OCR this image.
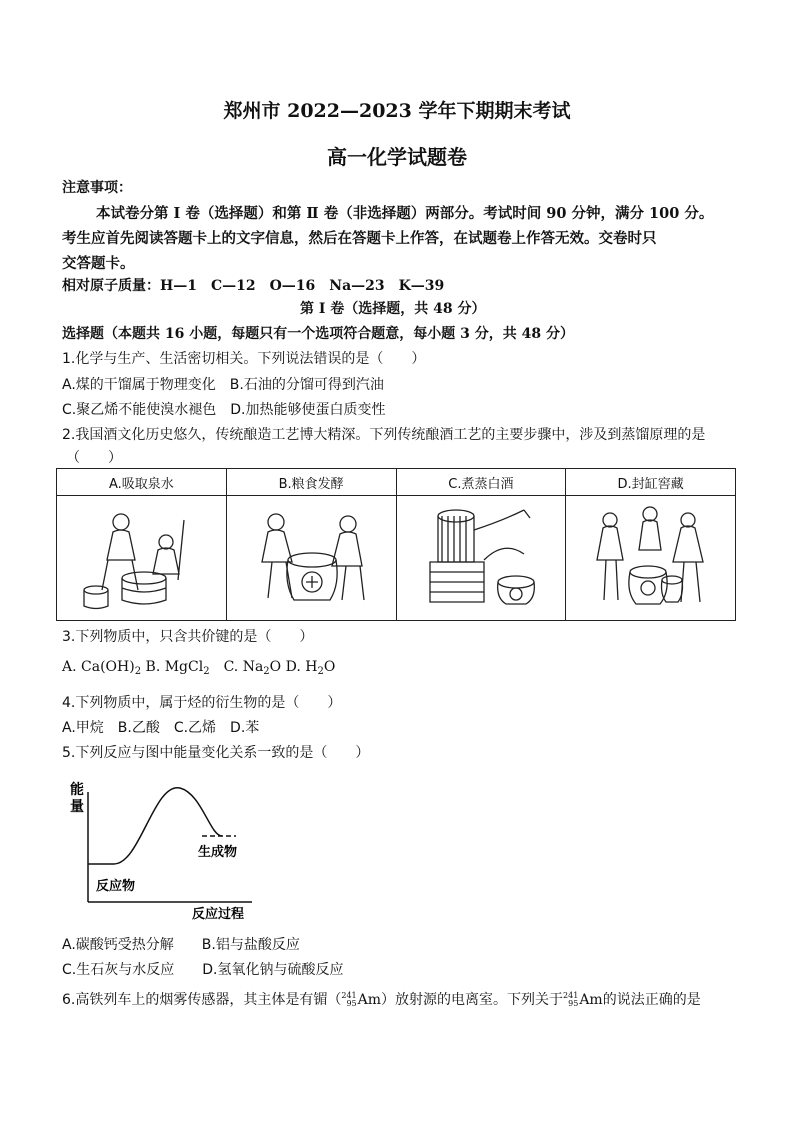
郑州市 2022—2023 学年下期期末考试
高一化学试题卷
注意事项：
本试卷分第 Ⅰ 卷（选择题）和第 Ⅱ 卷（非选择题）两部分。考试时间 90 分钟，满分 100 分。
考生应首先阅读答题卡上的文字信息，然后在答题卡上作答，在试题卷上作答无效。交卷时只
交答题卡。
相对原子质量：H—1　C—12　O—16　Na—23　K—39
第 Ⅰ 卷（选择题，共 48 分）
选择题（本题共 16 小题，每题只有一个选项符合题意，每小题 3 分，共 48 分）
1.化学与生产、生活密切相关。下列说法错误的是（　　）
A.煤的干馏属于物理变化　B.石油的分馏可得到汽油
C.聚乙烯不能使溴水褪色　D.加热能够使蛋白质变性
2.我国酒文化历史悠久，传统酿造工艺博大精深。下列传统酿酒工艺的主要步骤中，涉及到蒸馏原理的是
（　　）
A.吸取泉水	B.粮食发酵	C.煮蒸白酒	D.封缸窖藏

3.下列物质中，只含共价键的是（　　）
A. $Ca(OH)_2$ B. MgCl$_2$　C. $Na_2O$ D. $H_2O$
4.下列物质中，属于烃的衍生物的是（　　）
A.甲烷　B.乙酸　C.乙烯　D.苯
5.下列反应与图中能量变化关系一致的是（　　）
能
量
生成物
反应物
反应过程
A.碳酸钙受热分解　　B.铝与盐酸反应
C.生石灰与水反应　　D.氢氧化钠与硫酸反应
6.高铁列车上的烟雾传感器，其主体是有镅（ 241
95 Am）放射源的电离室。下列关于 241
95 Am的说法正确的是
